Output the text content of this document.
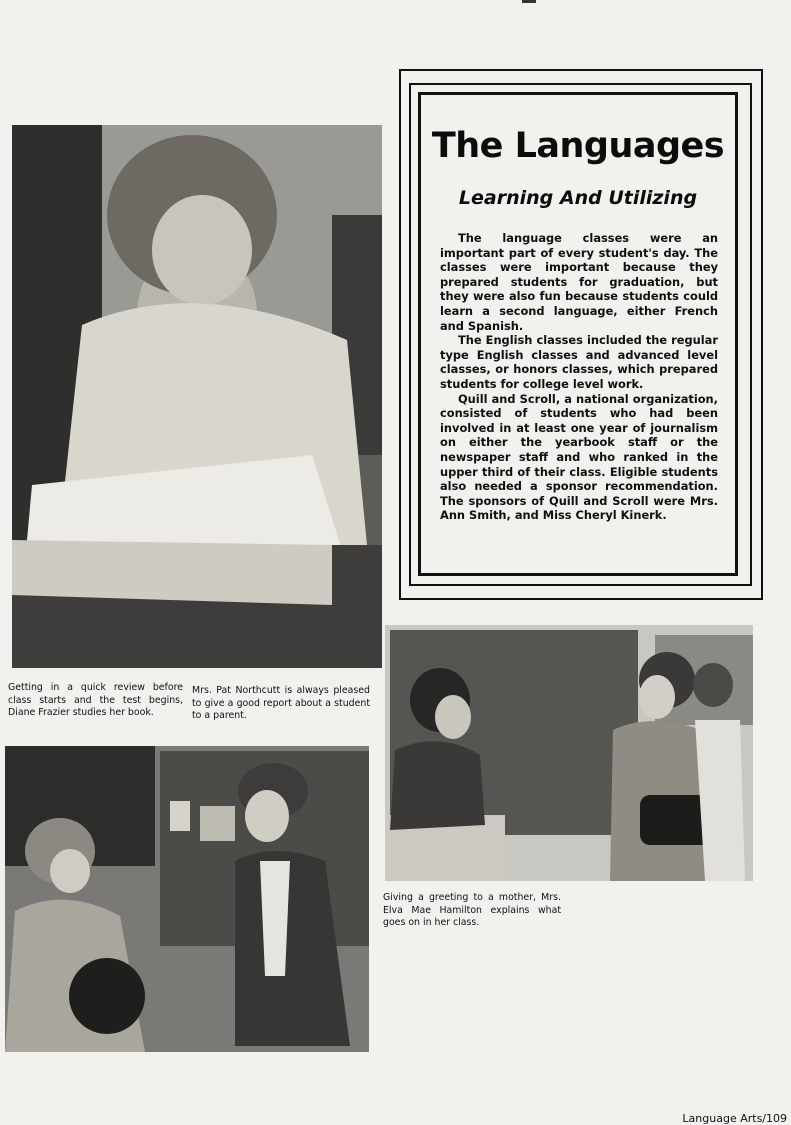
The Languages
Learning And Utilizing

The language classes were an important part of every student's day. The classes were important because they prepared students for graduation, but they were also fun because students could learn a second language, either French and Spanish.

The English classes included the regular type English classes and advanced level classes, or honors classes, which prepared students for college level work.

Quill and Scroll, a national organization, consisted of students who had been involved in at least one year of journalism on either the yearbook staff or the newspaper staff and who ranked in the upper third of their class. Eligible students also needed a sponsor recommendation. The sponsors of Quill and Scroll were Mrs. Ann Smith, and Miss Cheryl Kinerk.

Getting in a quick review before class starts and the test begins, Diane Frazier studies her book.
Mrs. Pat Northcutt is always pleased to give a good report about a student to a parent.
Giving a greeting to a mother, Mrs. Elva Mae Hamilton explains what goes on in her class.
Language Arts/109
